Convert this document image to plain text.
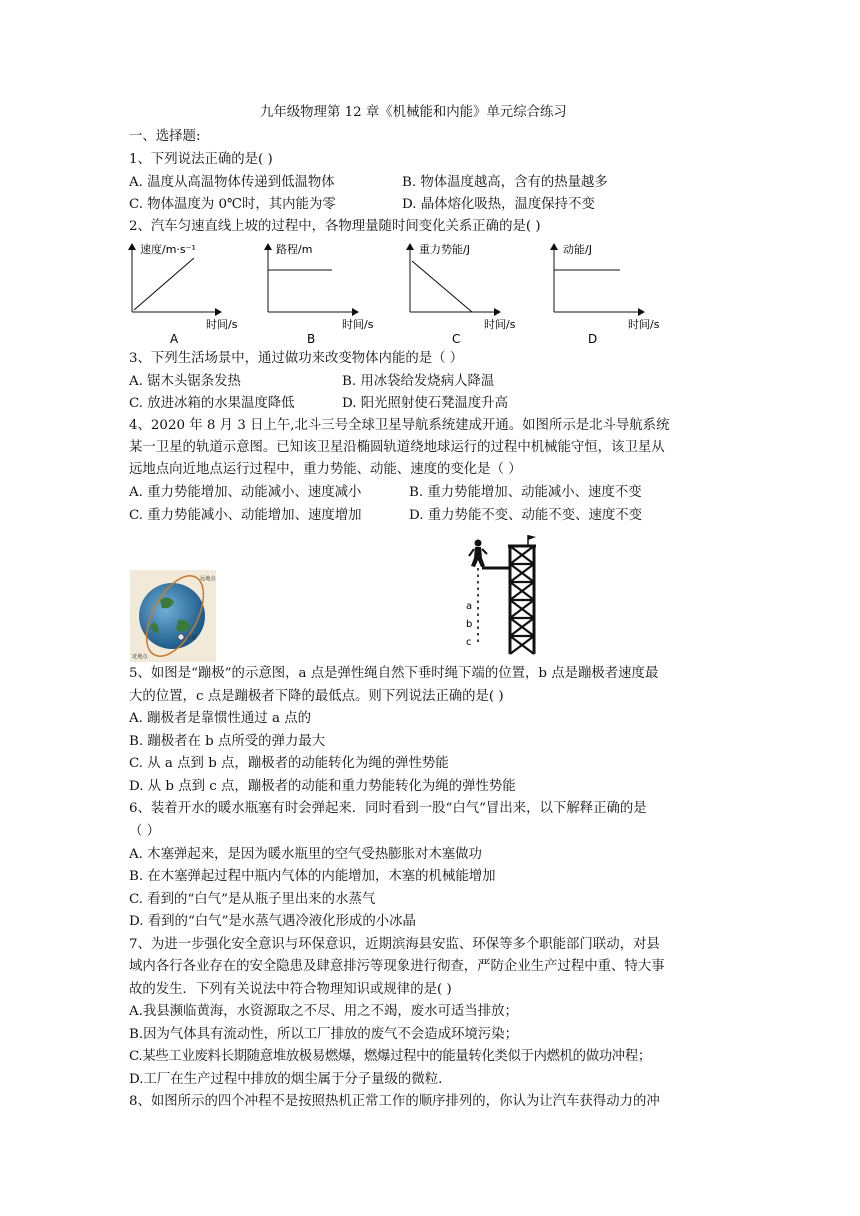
九年级物理第 12 章《机械能和内能》单元综合练习
一、选择题:
1、下列说法正确的是( )
A. 温度从高温物体传递到低温物体	B. 物体温度越高，含有的热量越多
C. 物体温度为 0℃时，其内能为零	D. 晶体熔化吸热，温度保持不变
2、汽车匀速直线上坡的过程中，各物理量随时间变化关系正确的是( )
速度/m·s⁻¹
时间/s
A
路程/m
时间/s
B
重力势能/J
时间/s
C
动能/J
时间/s
D
3、下列生活场景中，通过做功来改变物体内能的是（ ）
A. 锯木头锯条发热	B. 用冰袋给发烧病人降温
C. 放进冰箱的水果温度降低	D. 阳光照射使石凳温度升高
4、2020 年 8 月 3 日上午,北斗三号全球卫星导航系统建成开通。如图所示是北斗导航系统
某一卫星的轨道示意图。已知该卫星沿椭圆轨道绕地球运行的过程中机械能守恒，该卫星从
远地点向近地点运行过程中，重力势能、动能、速度的变化是（ ）
A. 重力势能增加、动能减小、速度减小	B. 重力势能增加、动能减小、速度不变
C. 重力势能减小、动能增加、速度增加	D. 重力势能不变、动能不变、速度不变
远地点
近地点
卫星
a
b
c
5、如图是“蹦极”的示意图，a 点是弹性绳自然下垂时绳下端的位置，b 点是蹦极者速度最
大的位置，c 点是蹦极者下降的最低点。则下列说法正确的是( )
A. 蹦极者是靠惯性通过 a 点的
B. 蹦极者在 b 点所受的弹力最大
C. 从 a 点到 b 点，蹦极者的动能转化为绳的弹性势能
D. 从 b 点到 c 点，蹦极者的动能和重力势能转化为绳的弹性势能
6、装着开水的暖水瓶塞有时会弹起来．同时看到一股“白气”冒出来，以下解释正确的是
（ ）
A. 木塞弹起来，是因为暖水瓶里的空气受热膨胀对木塞做功
B. 在木塞弹起过程中瓶内气体的内能增加，木塞的机械能增加
C. 看到的“白气”是从瓶子里出来的水蒸气
D. 看到的“白气”是水蒸气遇冷液化形成的小冰晶
7、为进一步强化安全意识与环保意识，近期滨海县安监、环保等多个职能部门联动，对县
域内各行各业存在的安全隐患及肆意排污等现象进行彻查，严防企业生产过程中重、特大事
故的发生．下列有关说法中符合物理知识或规律的是( )
A.我县濒临黄海，水资源取之不尽、用之不竭，废水可适当排放；
B.因为气体具有流动性，所以工厂排放的废气不会造成环境污染；
C.某些工业废料长期随意堆放极易燃爆，燃爆过程中的能量转化类似于内燃机的做功冲程；
D.工厂在生产过程中排放的烟尘属于分子量级的微粒.
8、如图所示的四个冲程不是按照热机正常工作的顺序排列的，你认为让汽车获得动力的冲
